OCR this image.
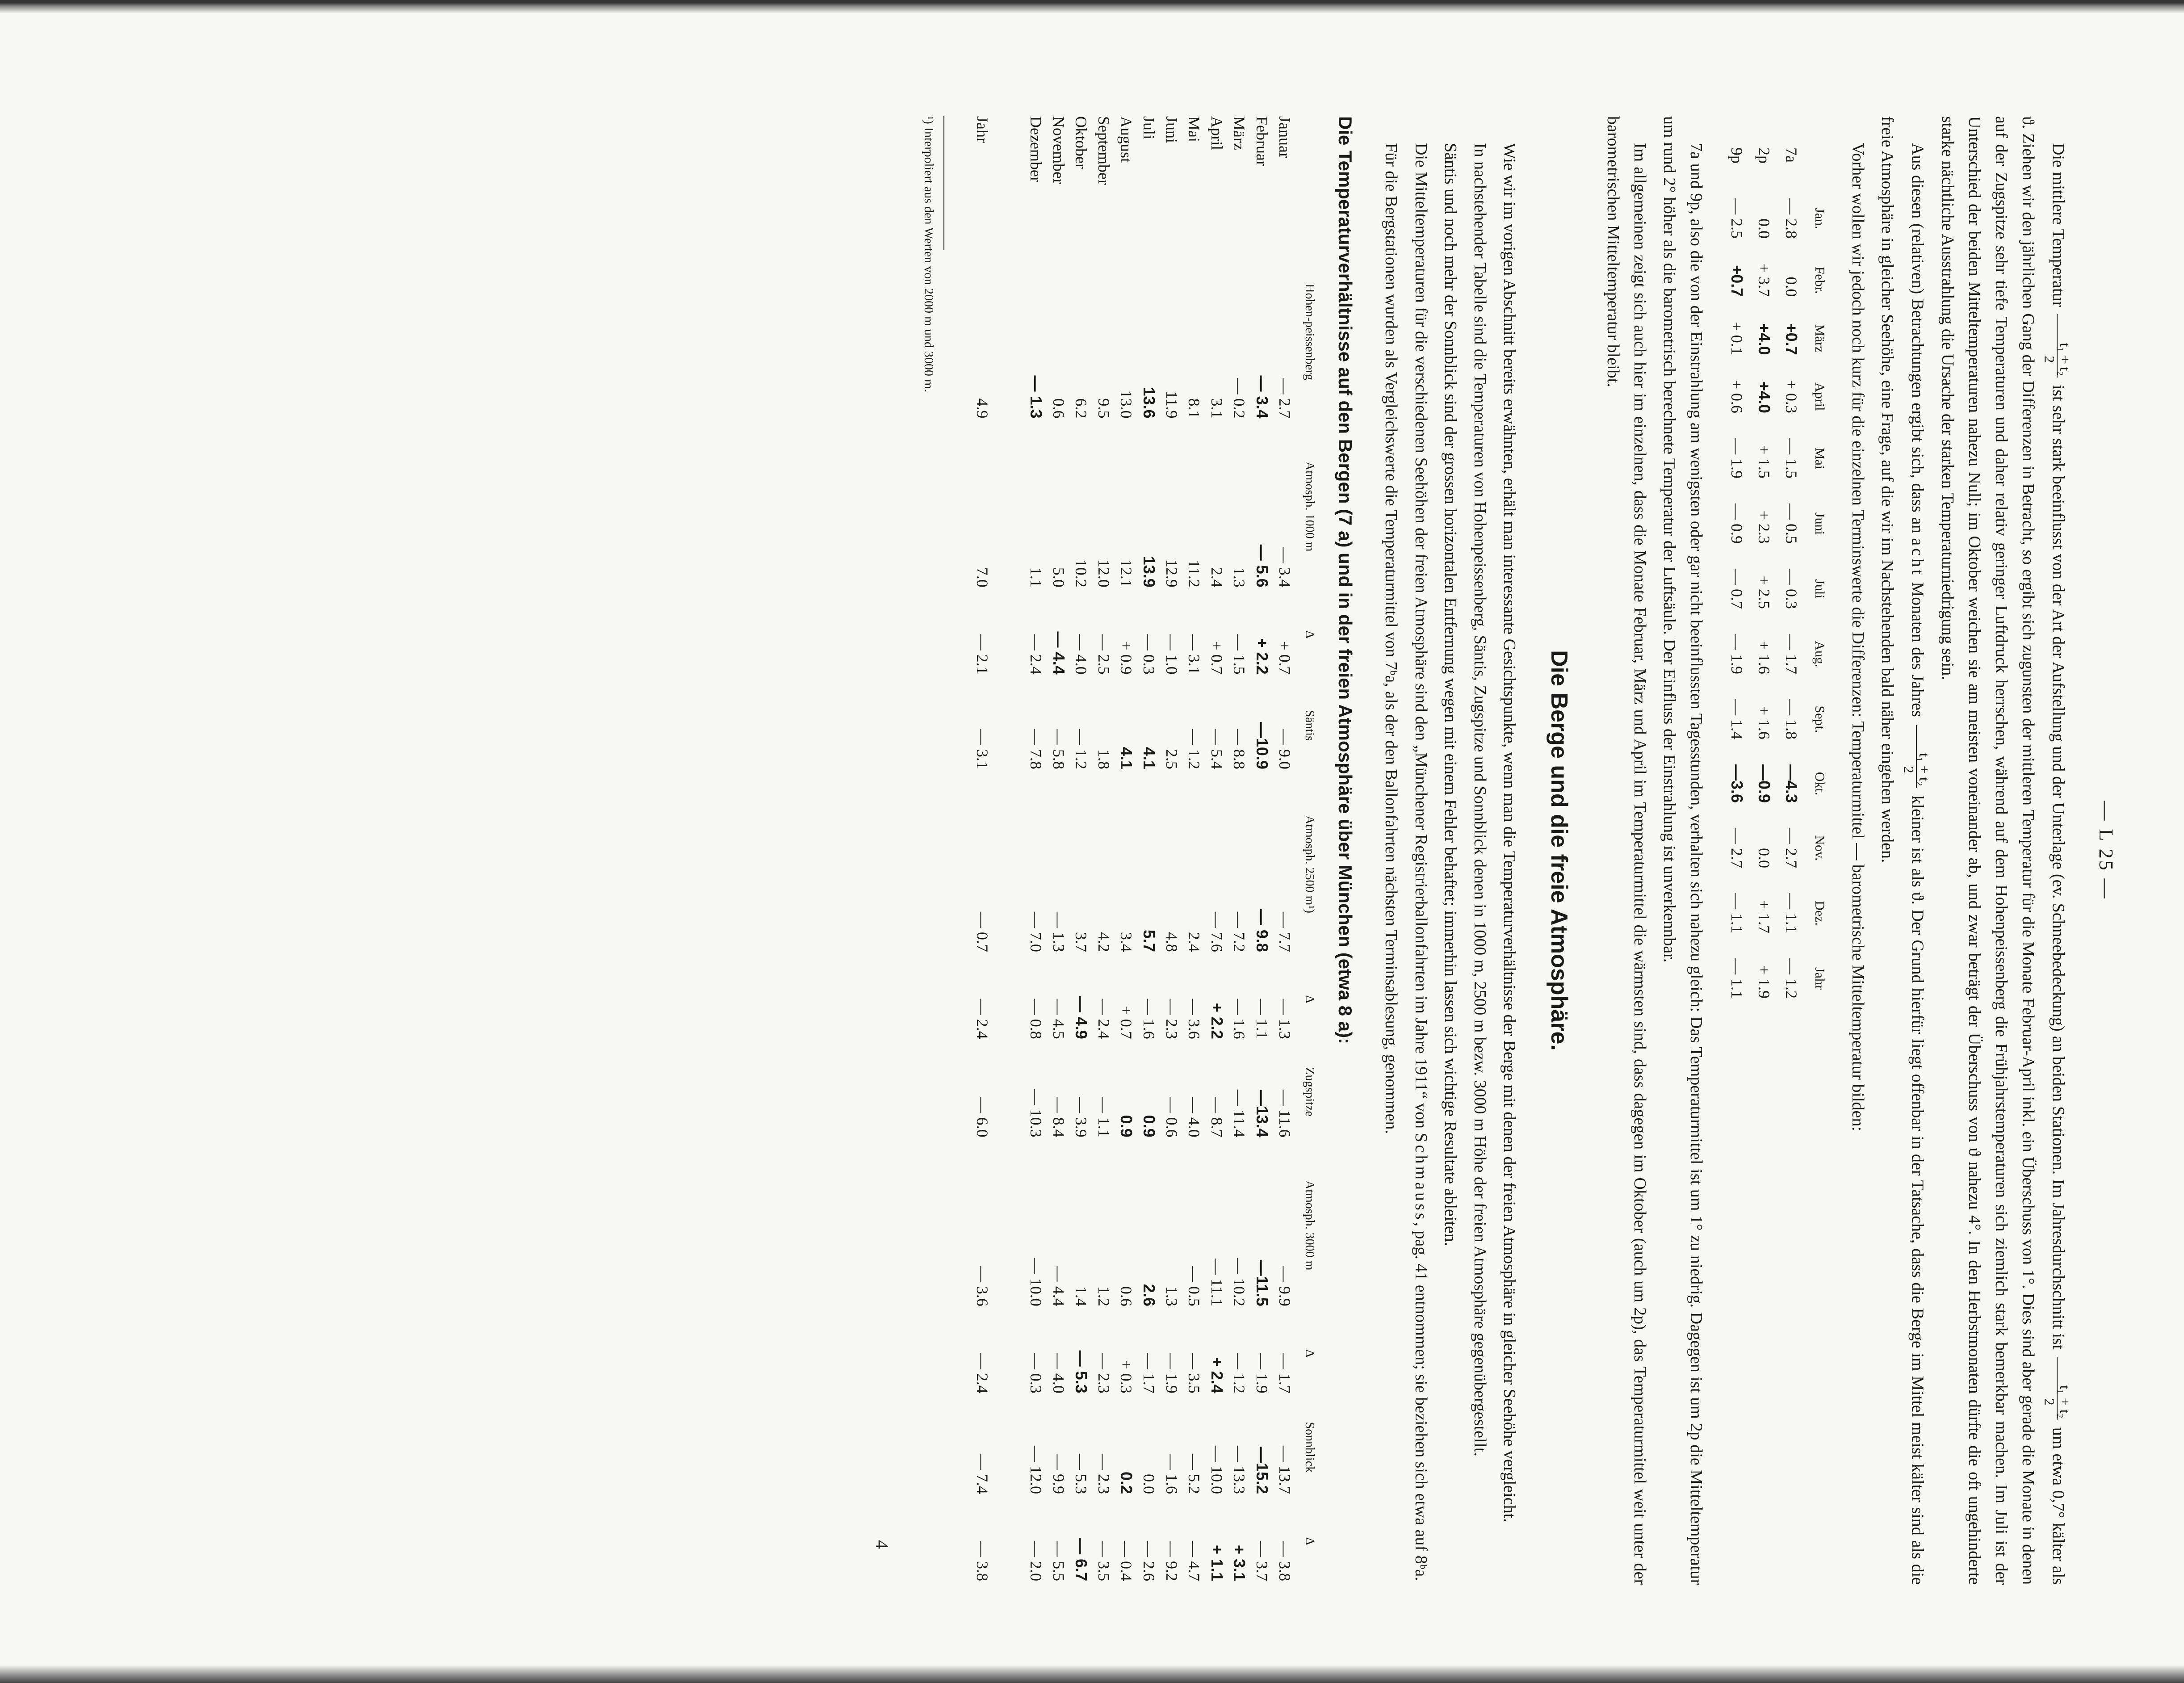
— L 25 —

Die mittlere Temperatur
t₁ + t₂
2
ist sehr stark beeinflusst von der Art der Aufstellung und der Unterlage (ev. Schneebedeckung) an beiden Stationen. Im Jahresdurchschnitt ist
t₁ + t₂
2
um etwa 0,7° kälter als ϑ. Ziehen wir den jährlichen Gang der Differenzen in Betracht, so ergibt sich zugunsten der mittleren Temperatur für die Monate Februar-April inkl. ein Überschuss von 1°. Dies sind aber gerade die Monate in denen auf der Zugspitze sehr tiefe Temperaturen und daher relativ geringer Luftdruck herrschen, während auf dem Hohenpeissenberg die Frühjahrstemperaturen sich ziemlich stark bemerkbar machen. Im Juli ist der Unterschied der beiden Mitteltemperaturen nahezu Null; im Oktober weichen sie am meisten voneinander ab, und zwar beträgt der Überschuss von ϑ nahezu 4°. In den Herbstmonaten dürfte die oft ungehinderte starke nächtliche Ausstrahlung die Ursache der starken Temperaturniedrigung sein.

Aus diesen (relativen) Betrachtungen ergibt sich, dass an acht Monaten des Jahres
t₁ + t₂
2
kleiner ist als ϑ. Der Grund hierfür liegt offenbar in der Tatsache, dass die Berge im Mittel meist kälter sind als die freie Atmosphäre in gleicher Seehöhe, eine Frage, auf die wir im Nachstehenden bald näher eingehen werden.

Vorher wollen wir jedoch noch kurz für die einzelnen Terminswerte die Differenzen: Temperaturmittel — barometrische Mitteltemperatur bilden:

	Jan.	Febr.	März	April	Mai	Juni	Juli	Aug.	Sept.	Okt.	Nov.	Dez.	Jahr
7a	— 2.8	0.0	+0.7	+ 0.3	— 1.5	— 0.5	— 0.3	— 1.7	— 1.8	—4.3	— 2.7	— 1.1	— 1.2
2p	0.0	+ 3.7	+4.0	+4.0	+ 1.5	+ 2.3	+ 2.5	+ 1.6	+ 1.6	—0.9	0.0	+ 1.7	+ 1.9
9p	— 2.5	+0.7	+ 0.1	+ 0.6	— 1.9	— 0.9	— 0.7	— 1.9	— 1.4	—3.6	— 2.7	— 1.1	— 1.1

7a und 9p, also die von der Einstrahlung am wenigsten oder gar nicht beeinflussten Tagesstunden, verhalten sich nahezu gleich: Das Temperaturmittel ist um 1° zu niedrig. Dagegen ist um 2p die Mitteltemperatur um rund 2° höher als die barometrisch berechnete Temperatur der Luftsäule. Der Einfluss der Einstrahlung ist unverkennbar.

Im allgemeinen zeigt sich auch hier im einzelnen, dass die Monate Februar, März und April im Temperaturmittel die wärmsten sind, dass dagegen im Oktober (auch um 2p), das Temperaturmittel weit unter der barometrischen Mitteltemperatur bleibt.

Die Berge und die freie Atmosphäre.

Wie wir im vorigen Abschnitt bereits erwähnten, erhält man interessante Gesichtspunkte, wenn man die Temperaturverhältnisse der Berge mit denen der freien Atmosphäre in gleicher Seehöhe vergleicht.

In nachstehender Tabelle sind die Temperaturen von Hohenpeissenberg, Säntis, Zugspitze und Sonnblick denen in 1000 m, 2500 m bezw. 3000 m Höhe der freien Atmosphäre gegenübergestellt.

Säntis und noch mehr der Sonnblick sind der grossen horizontalen Entfernung wegen mit einem Fehler behaftet; immerhin lassen sich wichtige Resultate ableiten.

Die Mitteltemperaturen für die verschiedenen Seehöhen der freien Atmosphäre sind den „Münchener Registrierballonfahrten im Jahre 1911“ von Schmauss, pag. 41 entnommen; sie beziehen sich etwa auf 8ᵇa.

Für die Bergstationen wurden als Vergleichswerte die Temperaturmittel von 7ᵇa, als der den Ballonfahrten nächsten Terminsablesung, genommen.

Die Temperaturverhältnisse auf den Bergen (7 a) und in der freien Atmosphäre über München (etwa 8 a):
	Hohen-peissenberg	Atmosph. 1000 m	Δ	Säntis	Atmosph. 2500 m¹)	Δ	Zugspitze	Atmosph. 3000 m	Δ	Sonnblick	Δ
Januar	— 2.7	— 3.4	+ 0.7	— 9.0	— 7.7	— 1.3	— 11.6	— 9.9	— 1.7	— 13.7	— 3.8
Februar	— 3.4	— 5.6	+ 2.2	—10.9	— 9.8	— 1.1	—13.4	—11.5	— 1.9	—15.2	— 3.7
März	— 0.2	1.3	— 1.5	— 8.8	— 7.2	— 1.6	— 11.4	— 10.2	— 1.2	— 13.3	+ 3.1
April	3.1	2.4	+ 0.7	— 5.4	— 7.6	+ 2.2	— 8.7	— 11.1	+ 2.4	— 10.0	+ 1.1
Mai	8.1	11.2	— 3.1	— 1.2	2.4	— 3.6	— 4.0	— 0.5	— 3.5	— 5.2	— 4.7
Juni	11.9	12.9	— 1.0	2.5	4.8	— 2.3	— 0.6	1.3	— 1.9	— 1.6	— 9.2
Juli	13.6	13.9	— 0.3	4.1	5.7	— 1.6	0.9	2.6	— 1.7	0.0	— 2.6
August	13.0	12.1	+ 0.9	4.1	3.4	+ 0.7	0.9	0.6	+ 0.3	0.2	— 0.4
September	9.5	12.0	— 2.5	1.8	4.2	— 2.4	— 1.1	1.2	— 2.3	— 2.3	— 3.5
Oktober	6.2	10.2	— 4.0	— 1.2	3.7	— 4.9	— 3.9	1.4	— 5.3	— 5.3	— 6.7
November	0.6	5.0	— 4.4	— 5.8	— 1.3	— 4.5	— 8.4	— 4.4	— 4.0	— 9.9	— 5.5
Dezember	— 1.3	1.1	— 2.4	— 7.8	— 7.0	— 0.8	— 10.3	— 10.0	— 0.3	— 12.0	— 2.0
Jahr	4.9	7.0	— 2.1	— 3.1	— 0.7	— 2.4	— 6.0	— 3.6	— 2.4	— 7.4	— 3.8
¹) Interpoliert aus den Werten von 2000 m und 3000 m.
4
